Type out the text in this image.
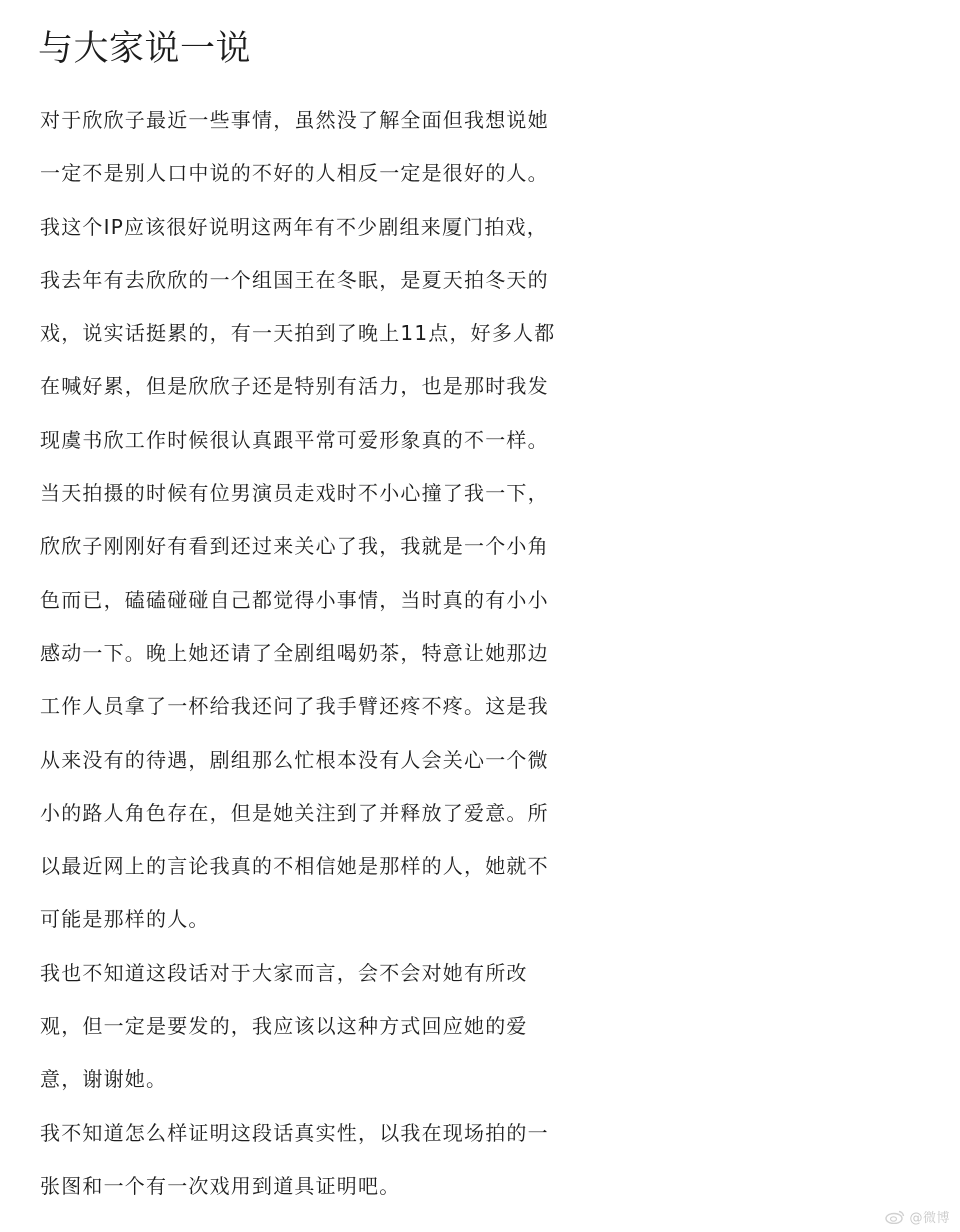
与大家说一说
对于欣欣子最近一些事情，虽然没了解全面但我想说她
一定不是别人口中说的不好的人相反一定是很好的人。
我这个IP应该很好说明这两年有不少剧组来厦门拍戏，
我去年有去欣欣的一个组国王在冬眠，是夏天拍冬天的
戏，说实话挺累的，有一天拍到了晚上11点，好多人都
在喊好累，但是欣欣子还是特别有活力，也是那时我发
现虞书欣工作时候很认真跟平常可爱形象真的不一样。
当天拍摄的时候有位男演员走戏时不小心撞了我一下，
欣欣子刚刚好有看到还过来关心了我，我就是一个小角
色而已，磕磕碰碰自己都觉得小事情，当时真的有小小
感动一下。晚上她还请了全剧组喝奶茶，特意让她那边
工作人员拿了一杯给我还问了我手臂还疼不疼。这是我
从来没有的待遇，剧组那么忙根本没有人会关心一个微
小的路人角色存在，但是她关注到了并释放了爱意。所
以最近网上的言论我真的不相信她是那样的人，她就不
可能是那样的人。
我也不知道这段话对于大家而言，会不会对她有所改
观，但一定是要发的，我应该以这种方式回应她的爱
意，谢谢她。
我不知道怎么样证明这段话真实性，以我在现场拍的一
张图和一个有一次戏用到道具证明吧。
@微博
